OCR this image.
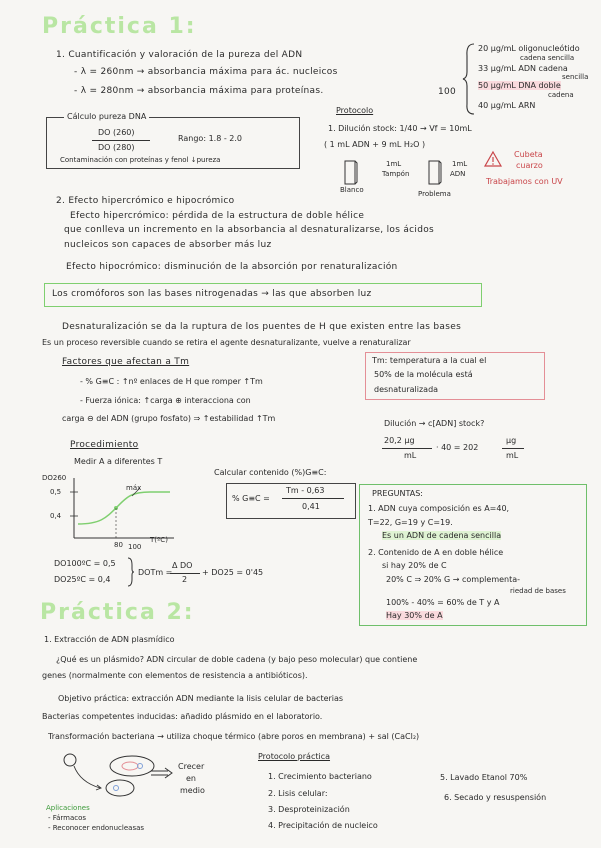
Práctica 1:
1. Cuantificación y valoración de la pureza del ADN
- λ = 260nm → absorbancia máxima para ác. nucleicos
- λ = 280nm → absorbancia máxima para proteínas.	100
20 μg/mL oligonucleótido
cadena sencilla
33 μg/mL ADN cadena
sencilla
50 μg/mL DNA doble
cadena
40 μg/mL ARN
Cálculo pureza DNA
DO (260)
DO (280)
Rango: 1.8 - 2.0
Contaminación con proteínas y fenol ↓pureza
Protocolo
1. Dilución stock: 1/40 → Vf = 10mL
( 1 mL ADN + 9 mL H₂O )
1mL
Tampón
1mL
ADN
Blanco	Problema
Cubeta
cuarzo
Trabajamos con UV
2. Efecto hipercrómico e hipocrómico
Efecto hipercrómico: pérdida de la estructura de doble hélice
que conlleva un incremento en la absorbancia al desnaturalizarse, los ácidos
nucleicos son capaces de absorber más luz
Efecto hipocrómico: disminución de la absorción por renaturalización
Los cromóforos son las bases nitrogenadas → las que absorben luz
Desnaturalización se da la ruptura de los puentes de H que existen entre las bases
Es un proceso reversible cuando se retira el agente desnaturalizante, vuelve a renaturalizar
Factores que afectan a Tm
- % G≡C : ↑nº enlaces de H que romper ↑Tm
- Fuerza iónica: ↑carga ⊕ interacciona con
carga ⊖ del ADN (grupo fosfato) ⇒ ↑estabilidad ↑Tm
Tm: temperatura a la cual el
50% de la molécula está
desnaturalizada
Dilución → c[ADN] stock?
20,2 μg
mL
· 40 = 202
μg
mL
Procedimiento
Medir A a diferentes T
DO260
0,5
0,4
máx
80 100
T(ºC)
DO100ºC = 0,5
DO25ºC = 0,4
DOTm =
Δ DO
2
+ DO25 = 0'45
Calcular contenido (%)G≡C:
% G≡C =
Tm - 0,63
0,41
PREGUNTAS:
1. ADN cuya composición es A=40,
T=22, G=19 y C=19.
Es un ADN de cadena sencilla
2. Contenido de A en doble hélice
si hay 20% de C
20% C ⇒ 20% G → complementa-
riedad de bases
100% - 40% = 60% de T y A
Hay 30% de A
Práctica 2:
1. Extracción de ADN plasmídico
¿Qué es un plásmido? ADN circular de doble cadena (y bajo peso molecular) que contiene
genes (normalmente con elementos de resistencia a antibióticos).
Objetivo práctica: extracción ADN mediante la lisis celular de bacterias
Bacterias competentes inducidas: añadido plásmido en el laboratorio.
Transformación bacteriana → utiliza choque térmico (abre poros en membrana) + sal (CaCl₂)
Crecer
en
medio
Aplicaciones
- Fármacos
- Reconocer endonucleasas
Protocolo práctica
1. Crecimiento bacteriano
2. Lisis celular:
3. Desproteinización
4. Precipitación de nucleico
5. Lavado Etanol 70%
6. Secado y resuspensión
